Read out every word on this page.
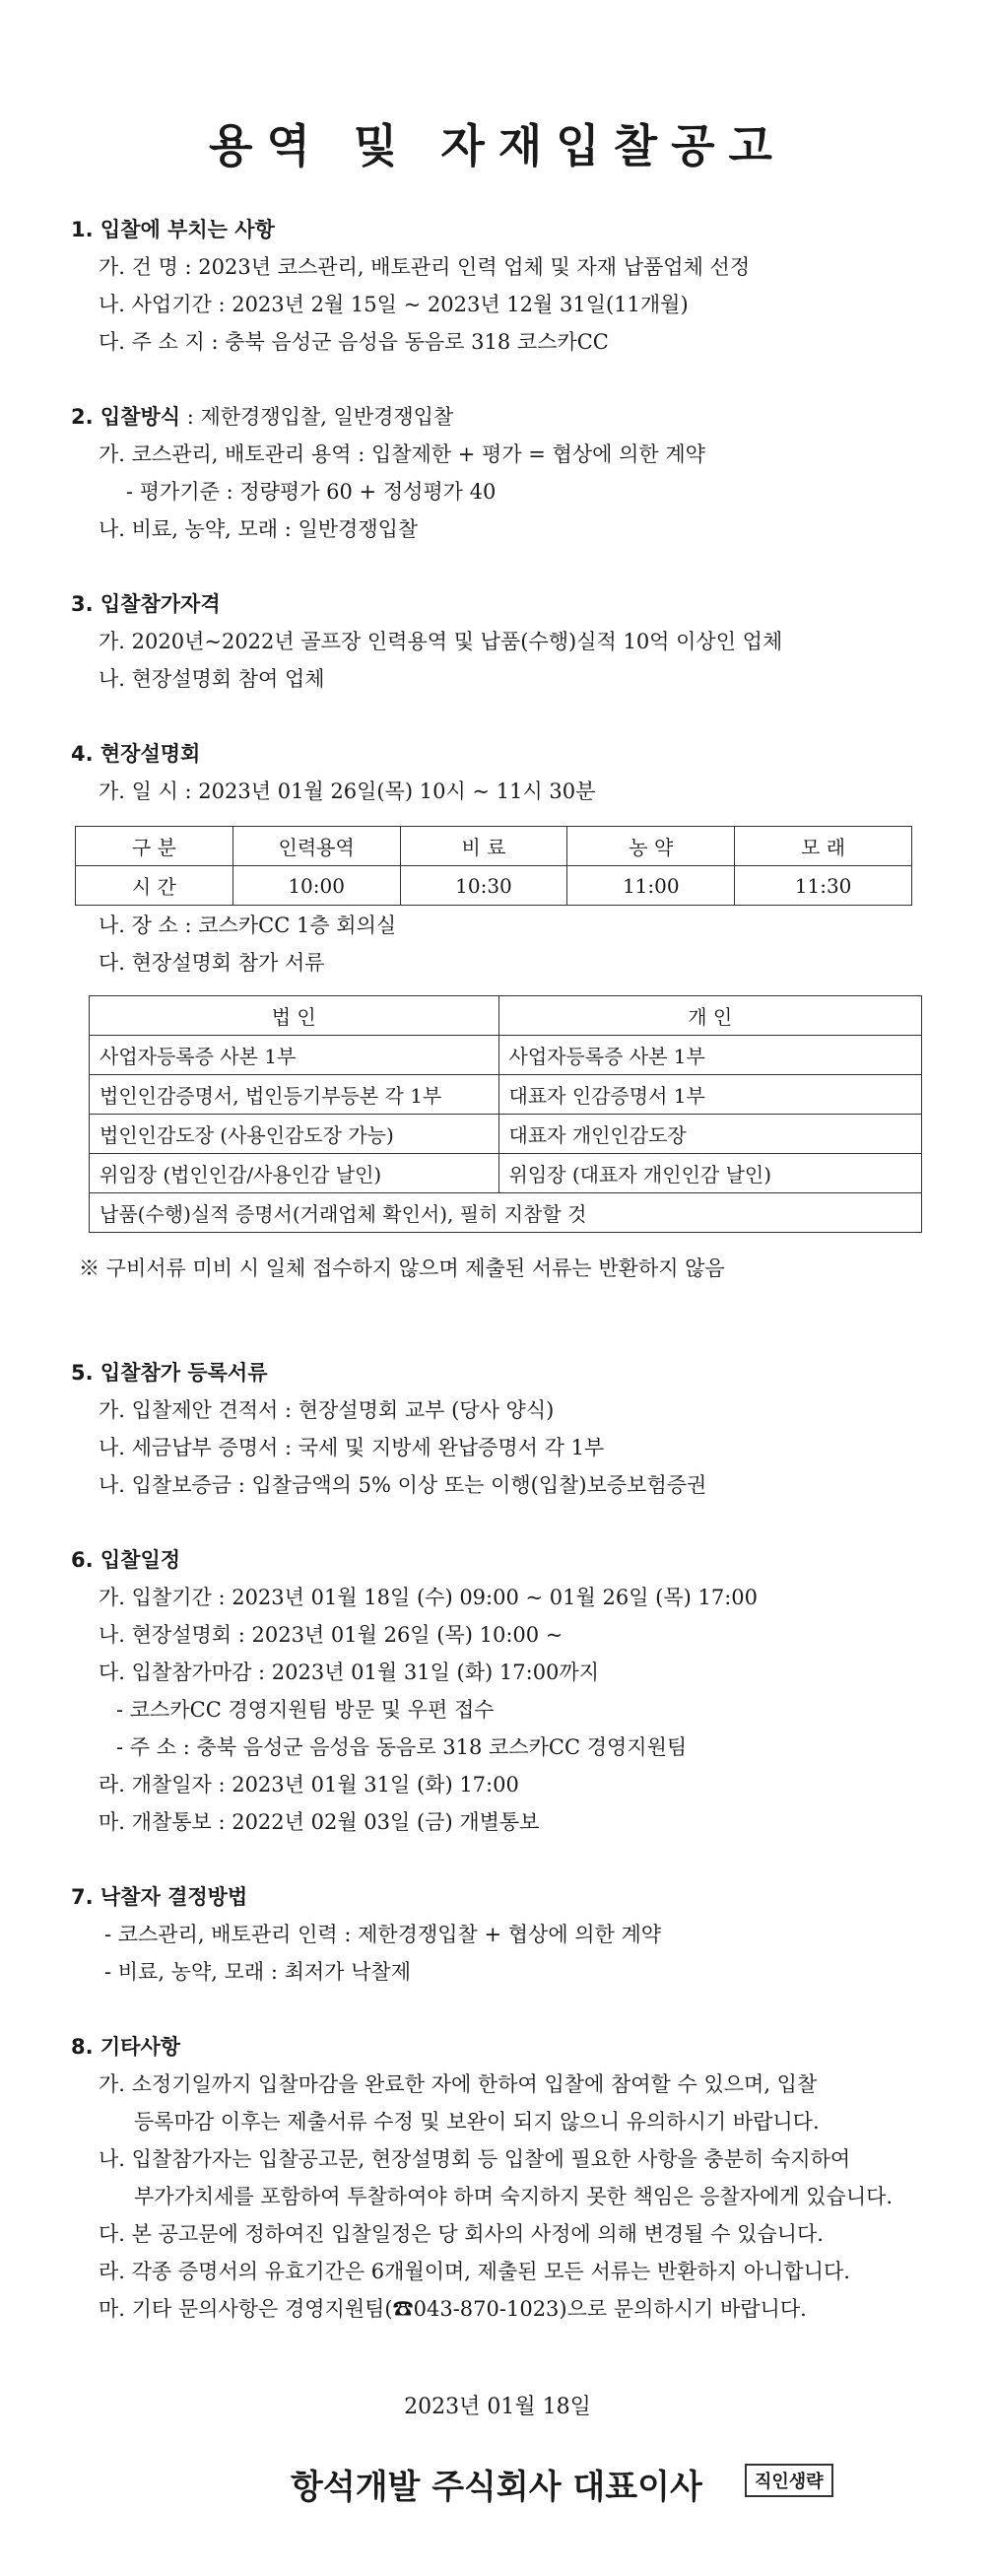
용역 및 자재입찰공고
1. 입찰에 부치는 사항
가. 건 명 : 2023년 코스관리, 배토관리 인력 업체 및 자재 납품업체 선정
나. 사업기간 : 2023년 2월 15일 ~ 2023년 12월 31일(11개월)
다. 주 소 지 : 충북 음성군 음성읍 동음로 318 코스카CC
2. 입찰방식 : 제한경쟁입찰, 일반경쟁입찰
가. 코스관리, 배토관리 용역 : 입찰제한 + 평가 = 협상에 의한 계약
- 평가기준 : 정량평가 60 + 정성평가 40
나. 비료, 농약, 모래 : 일반경쟁입찰
3. 입찰참가자격
가. 2020년~2022년 골프장 인력용역 및 납품(수행)실적 10억 이상인 업체
나. 현장설명회 참여 업체
4. 현장설명회
가. 일 시 : 2023년 01월 26일(목) 10시 ~ 11시 30분
구 분	인력용역	비 료	농 약	모 래
시 간	10:00	10:30	11:00	11:30
나. 장 소 : 코스카CC 1층 회의실
다. 현장설명회 참가 서류
법 인	개 인
사업자등록증 사본 1부	사업자등록증 사본 1부
법인인감증명서, 법인등기부등본 각 1부	대표자 인감증명서 1부
법인인감도장 (사용인감도장 가능)	대표자 개인인감도장
위임장 (법인인감/사용인감 날인)	위임장 (대표자 개인인감 날인)
납품(수행)실적 증명서(거래업체 확인서), 필히 지참할 것	
※ 구비서류 미비 시 일체 접수하지 않으며 제출된 서류는 반환하지 않음
5. 입찰참가 등록서류
가. 입찰제안 견적서 : 현장설명회 교부 (당사 양식)
나. 세금납부 증명서 : 국세 및 지방세 완납증명서 각 1부
나. 입찰보증금 : 입찰금액의 5% 이상 또는 이행(입찰)보증보험증권
6. 입찰일정
가. 입찰기간 : 2023년 01월 18일 (수) 09:00 ~ 01월 26일 (목) 17:00
나. 현장설명회 : 2023년 01월 26일 (목) 10:00 ~
다. 입찰참가마감 : 2023년 01월 31일 (화) 17:00까지
- 코스카CC 경영지원팀 방문 및 우편 접수
- 주 소 : 충북 음성군 음성읍 동음로 318 코스카CC 경영지원팀
라. 개찰일자 : 2023년 01월 31일 (화) 17:00
마. 개찰통보 : 2022년 02월 03일 (금) 개별통보
7. 낙찰자 결정방법
- 코스관리, 배토관리 인력 : 제한경쟁입찰 + 협상에 의한 계약
- 비료, 농약, 모래 : 최저가 낙찰제
8. 기타사항
가. 소정기일까지 입찰마감을 완료한 자에 한하여 입찰에 참여할 수 있으며, 입찰
등록마감 이후는 제출서류 수정 및 보완이 되지 않으니 유의하시기 바랍니다.
나. 입찰참가자는 입찰공고문, 현장설명회 등 입찰에 필요한 사항을 충분히 숙지하여
부가가치세를 포함하여 투찰하여야 하며 숙지하지 못한 책임은 응찰자에게 있습니다.
다. 본 공고문에 정하여진 입찰일정은 당 회사의 사정에 의해 변경될 수 있습니다.
라. 각종 증명서의 유효기간은 6개월이며, 제출된 모든 서류는 반환하지 아니합니다.
마. 기타 문의사항은 경영지원팀(☎043-870-1023)으로 문의하시기 바랍니다.
2023년 01월 18일
항석개발 주식회사 대표이사	직인생략
